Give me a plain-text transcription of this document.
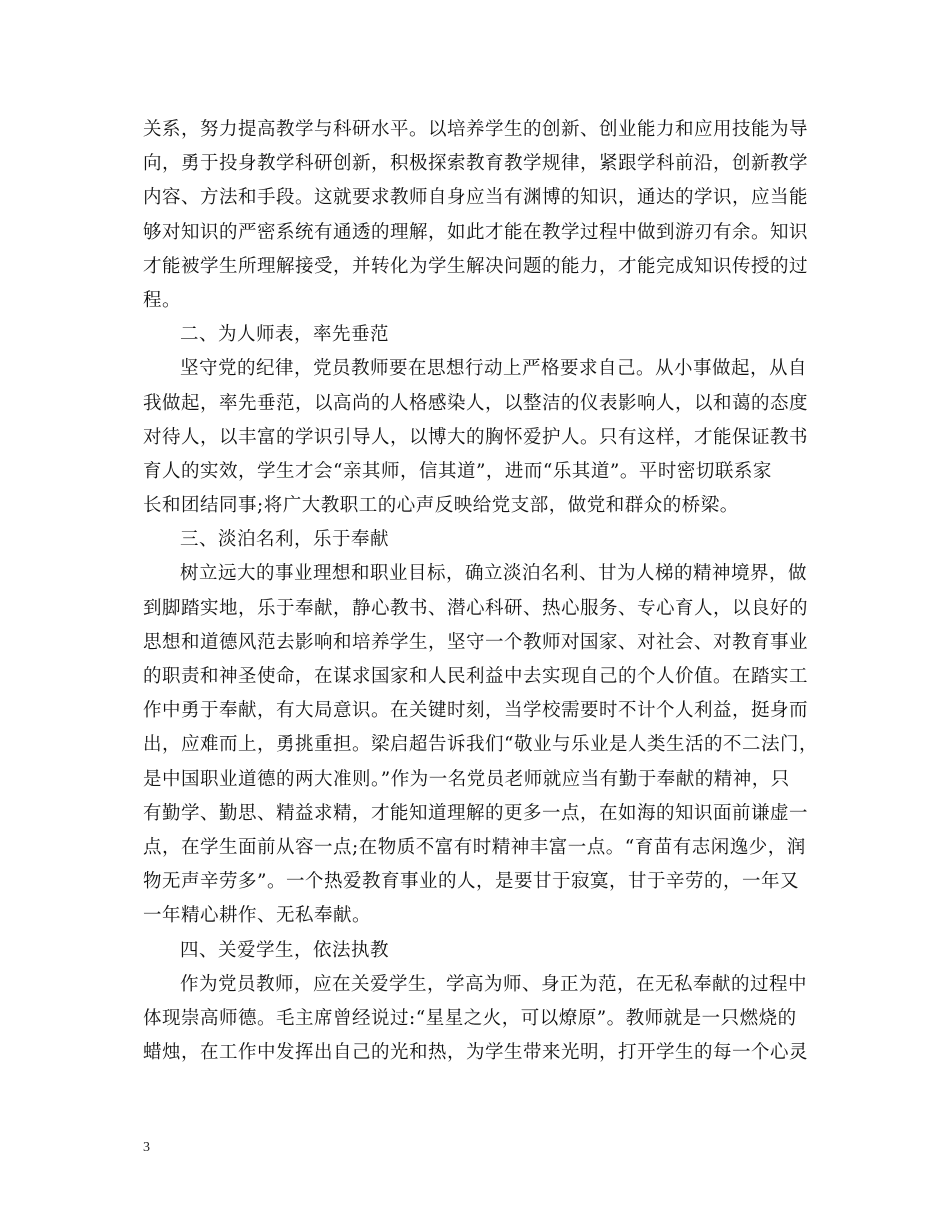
关系，努力提高教学与科研水平。以培养学生的创新、创业能力和应用技能为导
向，勇于投身教学科研创新，积极探索教育教学规律，紧跟学科前沿，创新教学
内容、方法和手段。这就要求教师自身应当有渊博的知识，通达的学识，应当能
够对知识的严密系统有通透的理解，如此才能在教学过程中做到游刃有余。知识
才能被学生所理解接受，并转化为学生解决问题的能力，才能完成知识传授的过
程。
二、为人师表，率先垂范
坚守党的纪律，党员教师要在思想行动上严格要求自己。从小事做起，从自
我做起，率先垂范，以高尚的人格感染人，以整洁的仪表影响人，以和蔼的态度
对待人，以丰富的学识引导人，以博大的胸怀爱护人。只有这样，才能保证教书
育人的实效，学生才会“亲其师，信其道”，进而“乐其道”。平时密切联系家
长和团结同事;将广大教职工的心声反映给党支部，做党和群众的桥梁。
三、淡泊名利，乐于奉献
树立远大的事业理想和职业目标，确立淡泊名利、甘为人梯的精神境界，做
到脚踏实地，乐于奉献，静心教书、潜心科研、热心服务、专心育人，以良好的
思想和道德风范去影响和培养学生，坚守一个教师对国家、对社会、对教育事业
的职责和神圣使命，在谋求国家和人民利益中去实现自己的个人价值。在踏实工
作中勇于奉献，有大局意识。在关键时刻，当学校需要时不计个人利益，挺身而
出，应难而上，勇挑重担。梁启超告诉我们“敬业与乐业是人类生活的不二法门，
是中国职业道德的两大准则。”作为一名党员老师就应当有勤于奉献的精神，只
有勤学、勤思、精益求精，才能知道理解的更多一点，在如海的知识面前谦虚一
点，在学生面前从容一点;在物质不富有时精神丰富一点。“育苗有志闲逸少，润
物无声辛劳多”。一个热爱教育事业的人，是要甘于寂寞，甘于辛劳的，一年又
一年精心耕作、无私奉献。
四、关爱学生，依法执教
作为党员教师，应在关爱学生，学高为师、身正为范，在无私奉献的过程中
体现崇高师德。毛主席曾经说过:“星星之火，可以燎原”。教师就是一只燃烧的
蜡烛，在工作中发挥出自己的光和热，为学生带来光明，打开学生的每一个心灵
3
